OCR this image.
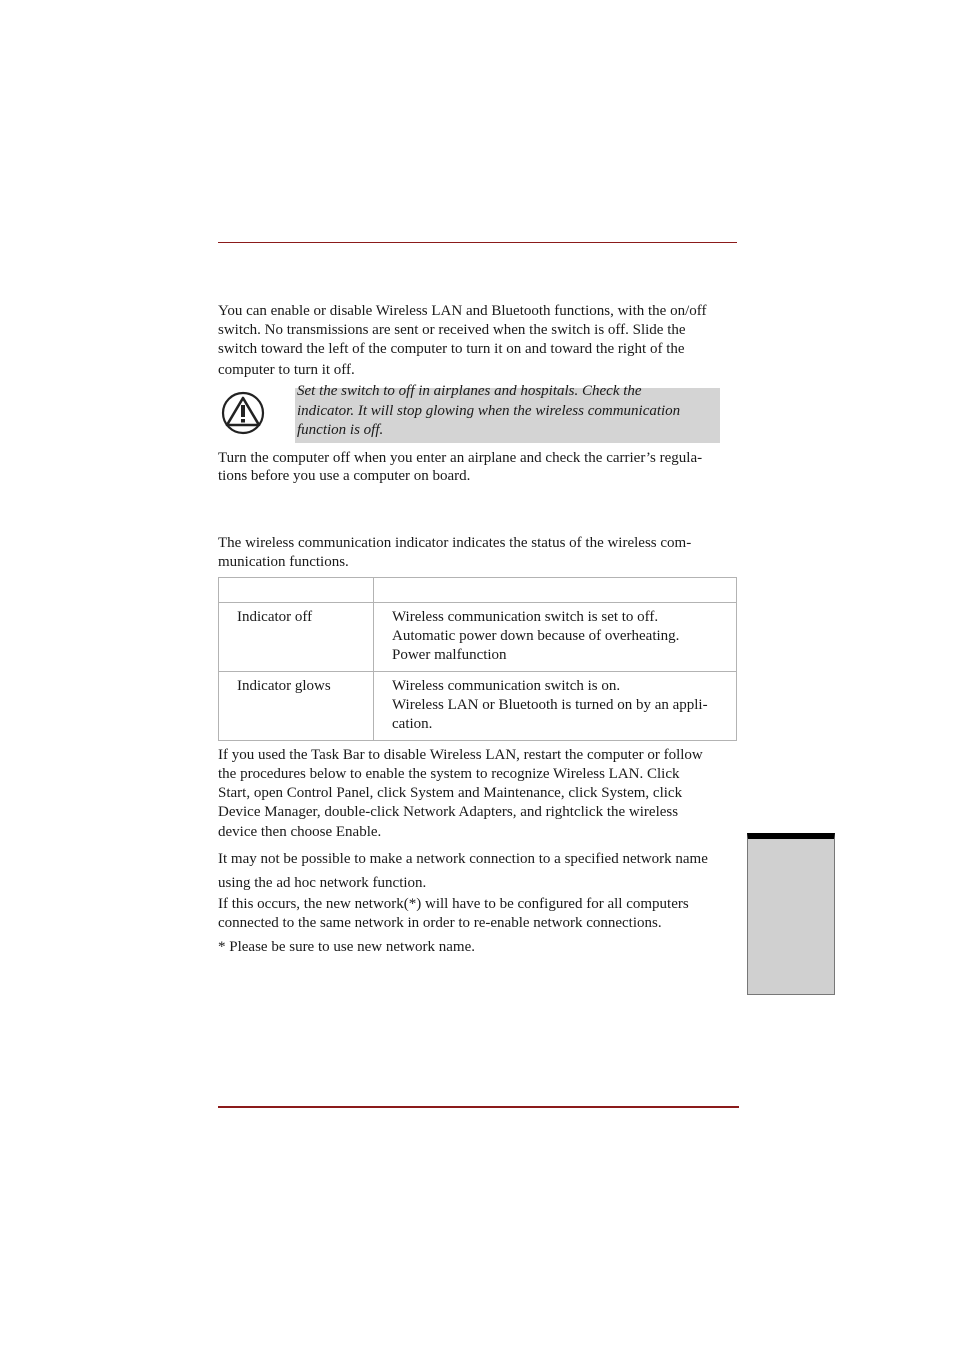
You can enable or disable Wireless LAN and Bluetooth functions, with the on/off
switch. No transmissions are sent or received when the switch is off. Slide the
switch toward the left of the computer to turn it on and toward the right of the
computer to turn it off.

Set the switch to off in airplanes and hospitals. Check the
indicator. It will stop glowing when the wireless communication
function is off.

Turn the computer off when you enter an airplane and check the carrier’s regula-
tions before you use a computer on board.

The wireless communication indicator indicates the status of the wireless com-
munication functions.

Indicator off	Wireless communication switch is set to off.
Automatic power down because of overheating.
Power malfunction

Indicator glows	Wireless communication switch is on.
Wireless LAN or Bluetooth is turned on by an appli-
cation.

If you used the Task Bar to disable Wireless LAN, restart the computer or follow
the procedures below to enable the system to recognize Wireless LAN. Click
Start, open Control Panel, click System and Maintenance, click System, click
Device Manager, double-click Network Adapters, and rightclick the wireless
device then choose Enable.

It may not be possible to make a network connection to a specified network name
using the ad hoc network function.

If this occurs, the new network(*) will have to be configured for all computers
connected to the same network in order to re-enable network connections.

* Please be sure to use new network name.
